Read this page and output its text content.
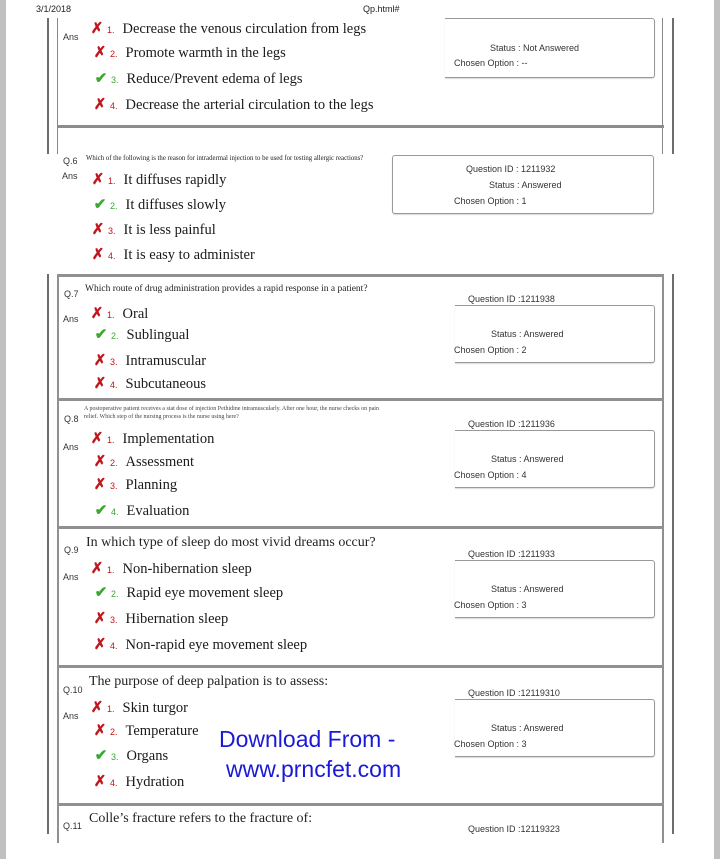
3/1/2018	Qp.html#
Ans ✗ 1. Decrease the venous circulation from legs
✗ 2. Promote warmth in the legs
✔ 3. Reduce/Prevent edema of legs
✗ 4. Decrease the arterial circulation to the legs
Status : Not Answered
Chosen Option : --
Q.6 Which of the following is the reason for intradermal injection to be used for testing allergic reactions?
Ans ✗ 1. It diffuses rapidly
✔ 2. It diffuses slowly
✗ 3. It is less painful
✗ 4. It is easy to administer
Question ID : 1211932
Status : Answered
Chosen Option : 1
Q.7 Which route of drug administration provides a rapid response in a patient?
Ans ✗ 1. Oral
✔ 2. Sublingual
✗ 3. Intramuscular
✗ 4. Subcutaneous
Question ID :1211938
Status : Answered
Chosen Option : 2
Q.8
A postoperative patient receives a stat dose of injection Pethidine intramuscularly. After one hour, the nurse checks on pain relief. Which step of the nursing process is the nurse using here?
Ans ✗ 1. Implementation
✗ 2. Assessment
✗ 3. Planning
✔ 4. Evaluation
Question ID :1211936
Status : Answered
Chosen Option : 4
Q.9 In which type of sleep do most vivid dreams occur?
Ans ✗ 1. Non-hibernation sleep
✔ 2. Rapid eye movement sleep
✗ 3. Hibernation sleep
✗ 4. Non-rapid eye movement sleep
Question ID :1211933
Status : Answered
Chosen Option : 3
Q.10
The purpose of deep palpation is to assess:
Ans ✗ 1. Skin turgor
✗ 2. Temperature
✔ 3. Organs
✗ 4. Hydration
Question ID :12119310
Status : Answered
Chosen Option : 3
Q.11 Colle’s fracture refers to the fracture of:
Question ID :12119323
Download From -
www.prncfet.com
